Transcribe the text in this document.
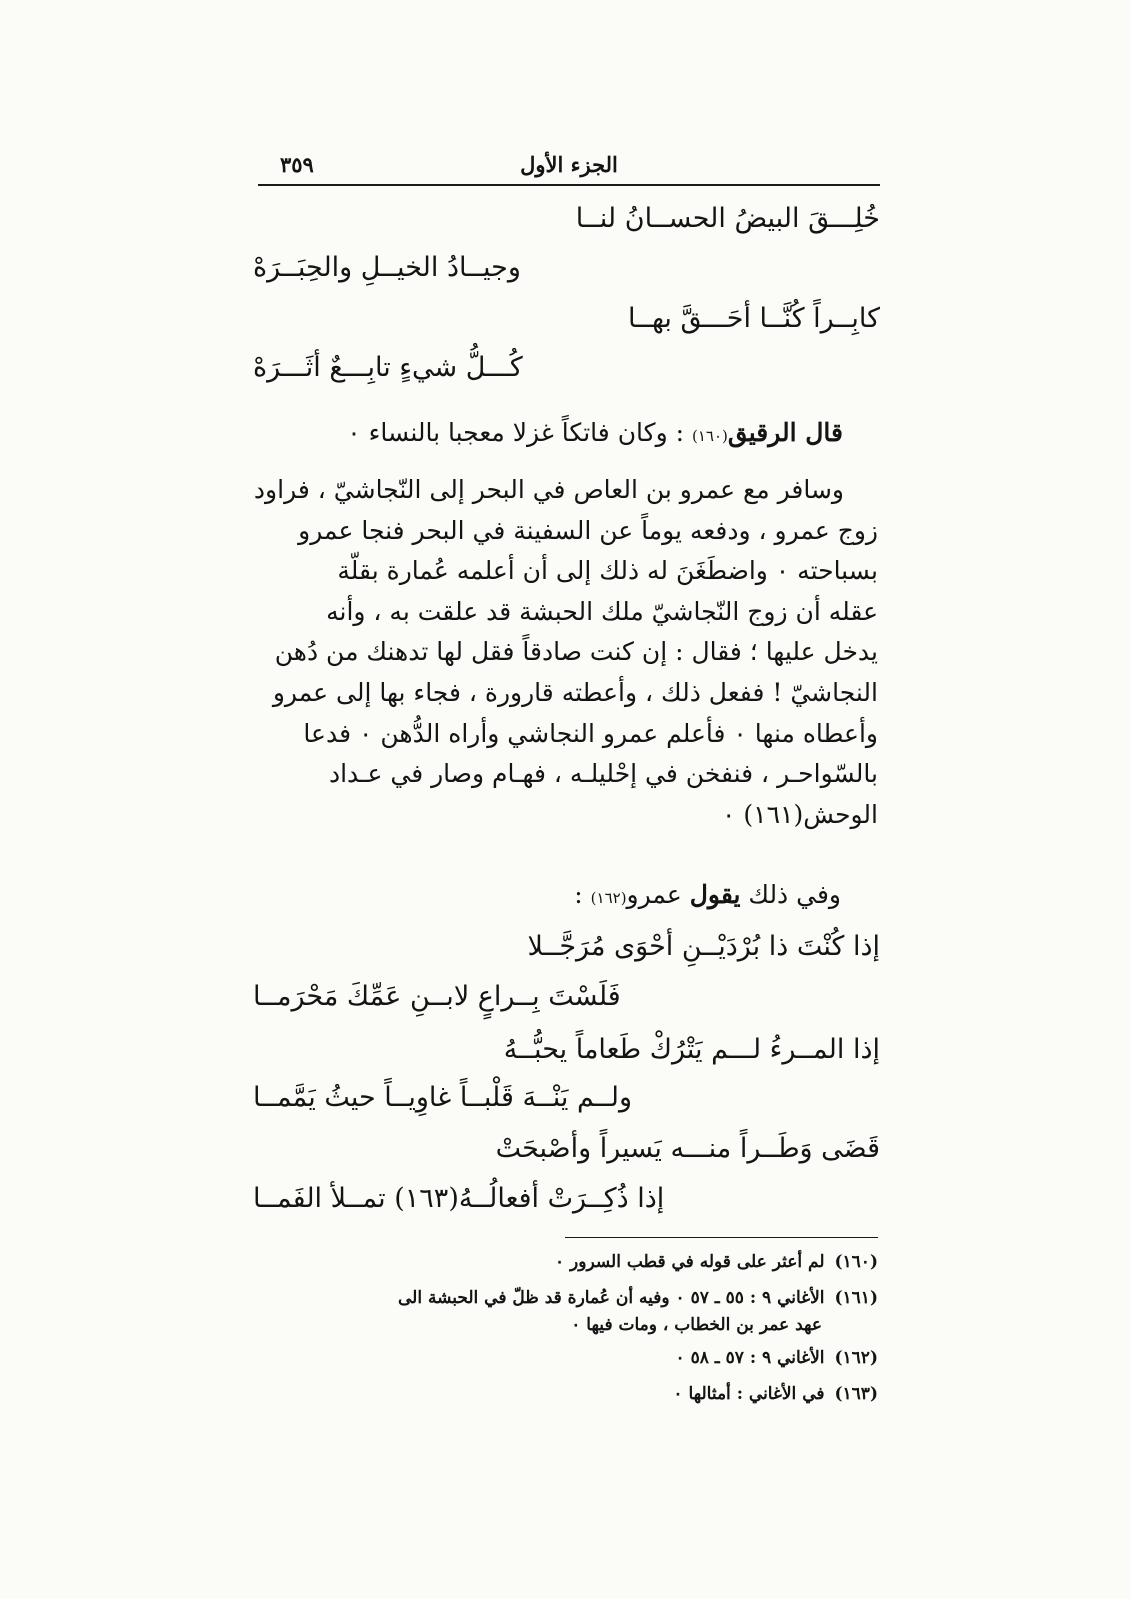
٣٥٩	الجزء الأول
خُلِـــقَ البيضُ الحســانُ لنــا
وجيــادُ الخيــلِ والحِبَــرَهْ
كابِــراً كُنَّــا أحَـــقَّ بهــا
كُـــلُّ شيءٍ تابِـــعٌ أثَـــرَهْ
قال الرقيق(١٦٠) : وكان فاتكاً غزلا معجبا بالنساء ٠
وسافر مع عمرو بن العاص في البحر إلى النّجاشيّ ، فراود
زوج عمرو ، ودفعه يوماً عن السفينة في البحر فنجا عمرو
بسباحته ٠ واضطَغَنَ له ذلك إلى أن أعلمه عُمارة بقلّة
عقله أن زوج النّجاشيّ ملك الحبشة قد علقت به ، وأنه
يدخل عليها ؛ فقال : إن كنت صادقاً فقل لها تدهنك من دُهن
النجاشيّ ! ففعل ذلك ، وأعطته قارورة ، فجاء بها إلى عمرو
وأعطاه منها ٠ فأعلم عمرو النجاشي وأراه الدُّهن ٠ فدعا
بالسّواحـر ، فنفخن في إحْليلـه ، فهـام وصار في عـداد
الوحش(١٦١) ٠
وفي ذلك يقول عمرو(١٦٢) :
إذا كُنْتَ ذا بُرْدَيْــنِ أحْوَى مُرَجَّــلا
فَلَسْتَ بِــراعٍ لابــنِ عَمِّكَ مَحْرَمــا
إذا المــرءُ لـــم يَتْرُكْ طَعاماً يحبُّــهُ
ولــم يَنْــهَ قَلْبــاً غاوِيــاً حيثُ يَمَّمــا
قَضَى وَطَــراً منـــه يَسيراً وأصْبحَتْ
إذا ذُكِــرَتْ أفعالُــهُ(١٦٣) تمــلأ الفَمــا
(١٦٠)لم أعثر على قوله في قطب السرور ٠
(١٦١)الأغاني ٩ : ٥٥ ـ ٥٧ ٠ وفيه أن عُمارة قد ظلّ في الحبشة الى
عهد عمر بن الخطاب ، ومات فيها ٠
(١٦٢)الأغاني ٩ : ٥٧ ـ ٥٨ ٠
(١٦٣)في الأغاني : أمثالها ٠
